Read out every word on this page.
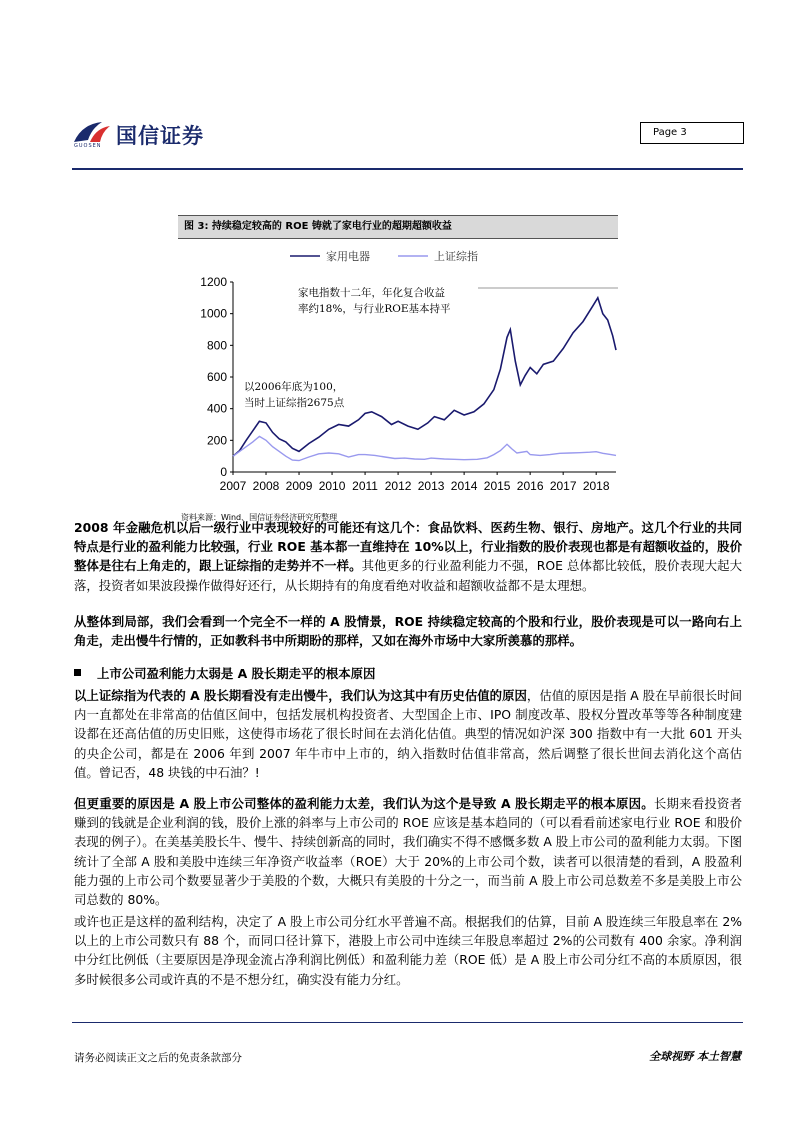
国信证券
GUOSEN
Page 3
图 3: 持续稳定较高的 ROE 铸就了家电行业的超期超额收益
家用电器	上证综指
0
200
400
600
800
1000
1200
2007 2008 2009 2010 2011 2012 2013 2014 2015 2016 2017 2018
家电指数十二年，年化复合收益
率约18%，与行业ROE基本持平
以2006年底为100，
当时上证综指2675点
资料来源：Wind、国信证券经济研究所整理
2008 年金融危机以后一级行业中表现较好的可能还有这几个：食品饮料、医药生物、银行、房地产。这几个行业的共同特点是行业的盈利能力比较强，行业 ROE 基本都一直维持在 10%以上，行业指数的股价表现也都是有超额收益的，股价整体是往右上角走的，跟上证综指的走势并不一样。其他更多的行业盈利能力不强，ROE 总体都比较低，股价表现大起大落，投资者如果波段操作做得好还行，从长期持有的角度看绝对收益和超额收益都不是太理想。
从整体到局部，我们会看到一个完全不一样的 A 股情景，ROE 持续稳定较高的个股和行业，股价表现是可以一路向右上角走，走出慢牛行情的，正如教科书中所期盼的那样，又如在海外市场中大家所羡慕的那样。
上市公司盈利能力太弱是 A 股长期走平的根本原因
以上证综指为代表的 A 股长期看没有走出慢牛，我们认为这其中有历史估值的原因，估值的原因是指 A 股在早前很长时间内一直都处在非常高的估值区间中，包括发展机构投资者、大型国企上市、IPO 制度改革、股权分置改革等等各种制度建设都在还高估值的历史旧账，这使得市场花了很长时间在去消化估值。典型的情况如沪深 300 指数中有一大批 601 开头的央企公司，都是在 2006 年到 2007 年牛市中上市的，纳入指数时估值非常高，然后调整了很长世间去消化这个高估值。曾记否，48 块钱的中石油？!
但更重要的原因是 A 股上市公司整体的盈利能力太差，我们认为这个是导致 A 股长期走平的根本原因。长期来看投资者赚到的钱就是企业利润的钱，股价上涨的斜率与上市公司的 ROE 应该是基本趋同的（可以看看前述家电行业 ROE 和股价表现的例子）。在美基美股长牛、慢牛、持续创新高的同时，我们确实不得不感慨多数 A 股上市公司的盈利能力太弱。下图统计了全部 A 股和美股中连续三年净资产收益率（ROE）大于 20%的上市公司个数，读者可以很清楚的看到，A 股盈利能力强的上市公司个数要显著少于美股的个数，大概只有美股的十分之一，而当前 A 股上市公司总数差不多是美股上市公司总数的 80%。
或许也正是这样的盈利结构，决定了 A 股上市公司分红水平普遍不高。根据我们的估算，目前 A 股连续三年股息率在 2%以上的上市公司数只有 88 个，而同口径计算下，港股上市公司中连续三年股息率超过 2%的公司数有 400 余家。净利润中分红比例低（主要原因是净现金流占净利润比例低）和盈利能力差（ROE 低）是 A 股上市公司分红不高的本质原因，很多时候很多公司或许真的不是不想分红，确实没有能力分红。
请务必阅读正文之后的免责条款部分	全球视野 本土智慧
